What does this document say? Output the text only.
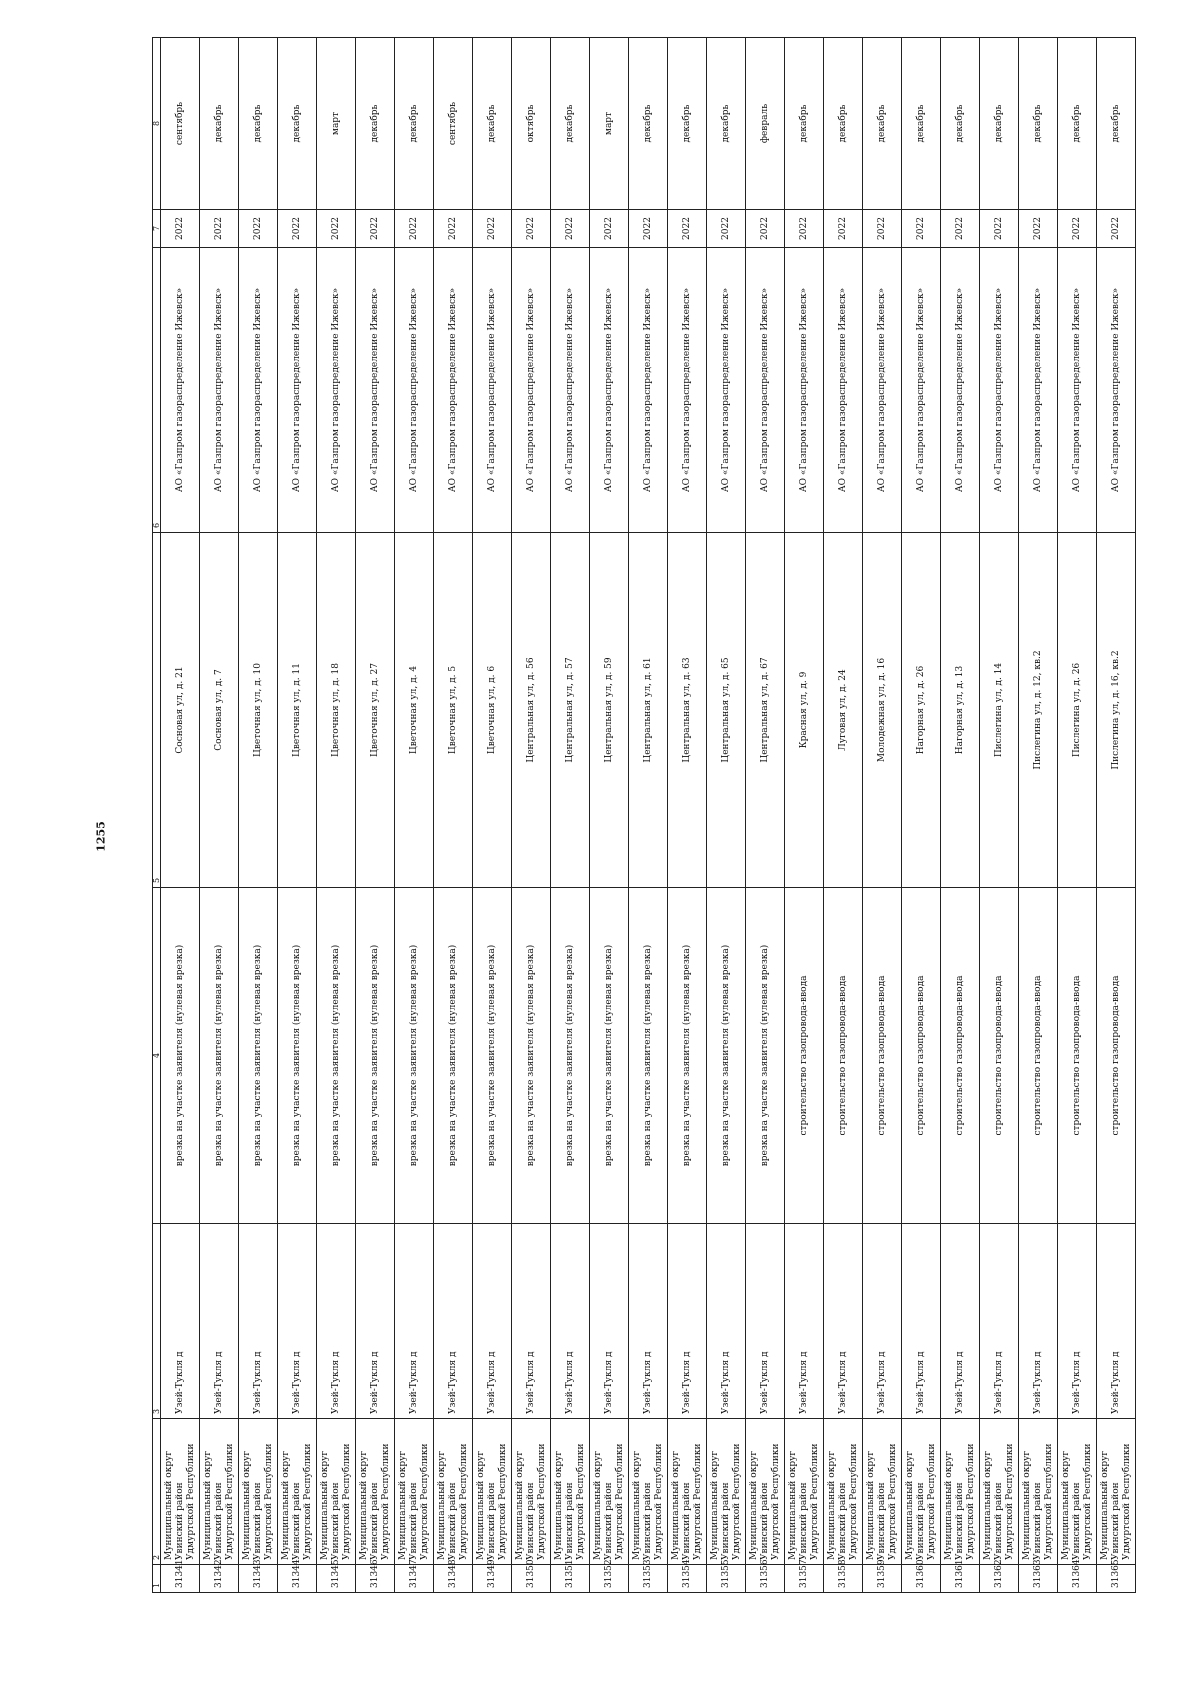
1255
1	2	3	4	5	6	7	8
31341	Муниципальный округ Увинский район Удмуртской Республики	Узей-Тукля д	врезка на участке заявителя (нулевая врезка)	Сосновая ул, д. 21	АО «Газпром газораспределение Ижевск»	2022	сентябрь
31342	Муниципальный округ Увинский район Удмуртской Республики	Узей-Тукля д	врезка на участке заявителя (нулевая врезка)	Сосновая ул, д. 7	АО «Газпром газораспределение Ижевск»	2022	декабрь
31343	Муниципальный округ Увинский район Удмуртской Республики	Узей-Тукля д	врезка на участке заявителя (нулевая врезка)	Цветочная ул, д. 10	АО «Газпром газораспределение Ижевск»	2022	декабрь
31344	Муниципальный округ Увинский район Удмуртской Республики	Узей-Тукля д	врезка на участке заявителя (нулевая врезка)	Цветочная ул, д. 11	АО «Газпром газораспределение Ижевск»	2022	декабрь
31345	Муниципальный округ Увинский район Удмуртской Республики	Узей-Тукля д	врезка на участке заявителя (нулевая врезка)	Цветочная ул, д. 18	АО «Газпром газораспределение Ижевск»	2022	март
31346	Муниципальный округ Увинский район Удмуртской Республики	Узей-Тукля д	врезка на участке заявителя (нулевая врезка)	Цветочная ул, д. 27	АО «Газпром газораспределение Ижевск»	2022	декабрь
31347	Муниципальный округ Увинский район Удмуртской Республики	Узей-Тукля д	врезка на участке заявителя (нулевая врезка)	Цветочная ул, д. 4	АО «Газпром газораспределение Ижевск»	2022	декабрь
31348	Муниципальный округ Увинский район Удмуртской Республики	Узей-Тукля д	врезка на участке заявителя (нулевая врезка)	Цветочная ул, д. 5	АО «Газпром газораспределение Ижевск»	2022	сентябрь
31349	Муниципальный округ Увинский район Удмуртской Республики	Узей-Тукля д	врезка на участке заявителя (нулевая врезка)	Цветочная ул, д. 6	АО «Газпром газораспределение Ижевск»	2022	декабрь
31350	Муниципальный округ Увинский район Удмуртской Республики	Узей-Тукля д	врезка на участке заявителя (нулевая врезка)	Центральная ул, д. 56	АО «Газпром газораспределение Ижевск»	2022	октябрь
31351	Муниципальный округ Увинский район Удмуртской Республики	Узей-Тукля д	врезка на участке заявителя (нулевая врезка)	Центральная ул, д. 57	АО «Газпром газораспределение Ижевск»	2022	декабрь
31352	Муниципальный округ Увинский район Удмуртской Республики	Узей-Тукля д	врезка на участке заявителя (нулевая врезка)	Центральная ул, д. 59	АО «Газпром газораспределение Ижевск»	2022	март
31353	Муниципальный округ Увинский район Удмуртской Республики	Узей-Тукля д	врезка на участке заявителя (нулевая врезка)	Центральная ул, д. 61	АО «Газпром газораспределение Ижевск»	2022	декабрь
31354	Муниципальный округ Увинский район Удмуртской Республики	Узей-Тукля д	врезка на участке заявителя (нулевая врезка)	Центральная ул, д. 63	АО «Газпром газораспределение Ижевск»	2022	декабрь
31355	Муниципальный округ Увинский район Удмуртской Республики	Узей-Тукля д	врезка на участке заявителя (нулевая врезка)	Центральная ул, д. 65	АО «Газпром газораспределение Ижевск»	2022	декабрь
31356	Муниципальный округ Увинский район Удмуртской Республики	Узей-Тукля д	врезка на участке заявителя (нулевая врезка)	Центральная ул, д. 67	АО «Газпром газораспределение Ижевск»	2022	февраль
31357	Муниципальный округ Увинский район Удмуртской Республики	Узей-Тукля д	строительство газопровода-ввода	Красная ул, д. 9	АО «Газпром газораспределение Ижевск»	2022	декабрь
31358	Муниципальный округ Увинский район Удмуртской Республики	Узей-Тукля д	строительство газопровода-ввода	Луговая ул, д. 24	АО «Газпром газораспределение Ижевск»	2022	декабрь
31359	Муниципальный округ Увинский район Удмуртской Республики	Узей-Тукля д	строительство газопровода-ввода	Молодежная ул, д. 16	АО «Газпром газораспределение Ижевск»	2022	декабрь
31360	Муниципальный округ Увинский район Удмуртской Республики	Узей-Тукля д	строительство газопровода-ввода	Нагорная ул, д. 26	АО «Газпром газораспределение Ижевск»	2022	декабрь
31361	Муниципальный округ Увинский район Удмуртской Республики	Узей-Тукля д	строительство газопровода-ввода	Нагорная ул, д. 13	АО «Газпром газораспределение Ижевск»	2022	декабрь
31362	Муниципальный округ Увинский район Удмуртской Республики	Узей-Тукля д	строительство газопровода-ввода	Пислегина ул, д. 14	АО «Газпром газораспределение Ижевск»	2022	декабрь
31363	Муниципальный округ Увинский район Удмуртской Республики	Узей-Тукля д	строительство газопровода-ввода	Пислегина ул, д. 12, кв.2	АО «Газпром газораспределение Ижевск»	2022	декабрь
31364	Муниципальный округ Увинский район Удмуртской Республики	Узей-Тукля д	строительство газопровода-ввода	Пислегина ул, д. 26	АО «Газпром газораспределение Ижевск»	2022	декабрь
31365	Муниципальный округ Увинский район Удмуртской Республики	Узей-Тукля д	строительство газопровода-ввода	Пислегина ул, д. 16, кв.2	АО «Газпром газораспределение Ижевск»	2022	декабрь
